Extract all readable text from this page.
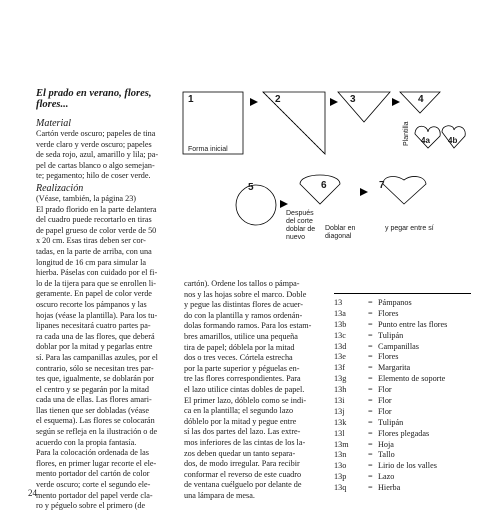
El prado en verano, flores,
flores...
Material
Cartón verde oscuro; papeles de tina
verde claro y verde oscuro; papeles
de seda rojo, azul, amarillo y lila; pa-
pel de cartas blanco o algo semejan-
te; pegamento; hilo de coser verde.
Realización
(Véase, también, la página 23)
El prado florido en la parte delantera
del cuadro puede recortarlo en tiras
de papel grueso de color verde de 50
x 20 cm. Esas tiras deben ser cor-
tadas, en la parte de arriba, con una
longitud de 16 cm para simular la
hierba. Páselas con cuidado por el fi-
lo de la tijera para que se enrollen li-
geramente. En papel de color verde
oscuro recorte los pámpanos y las
hojas (véase la plantilla). Para los tu-
lipanes necesitará cuatro partes pa-
ra cada una de las flores, que deberá
doblar por la mitad y pegarlas entre
sí. Para las campanillas azules, por el
contrario, sólo se necesitan tres par-
tes que, igualmente, se doblarán por
el centro y se pegarán por la mitad
cada una de ellas. Las flores amari-
llas tienen que ser dobladas (véase
el esquema). Las flores se colocarán
según se refleja en la ilustración o de
acuerdo con la propia fantasía.
Para la colocación ordenada de las
flores, en primer lugar recorte el ele-
mento portador del cartón de color
verde oscuro; corte el segundo ele-
mento portador del papel verde cla-
ro y péguelo sobre el primero (de
cartón). Ordene los tallos o pámpa-
nos y las hojas sobre el marco. Doble
y pegue las distintas flores de acuer-
do con la plantilla y ramos ordenán-
dolas formando ramos. Para los estam-
bres amarillos, utilice una pequeña
tira de papel; dóblela por la mitad
dos o tres veces. Córtela estrecha
por la parte superior y péguelas en-
tre las flores correspondientes. Para
el lazo utilice cintas dobles de papel.
El primer lazo, dóblelo como se indi-
ca en la plantilla; el segundo lazo
dóblelo por la mitad y pegue entre
sí las dos partes del lazo. Las extre-
mos inferiores de las cintas de los la-
zos deben quedar un tanto separa-
dos, de modo irregular. Para recibir
conformar el reverso de este cuadro
de ventana cuélguelo por delante de
una lámpara de mesa.
1	2	3	4
4a 4b
5	6	7
Forma inicial
Plantilla
Después
del corte
doblar de
nuevo
Doblar en
diagonal
y pegar entre sí
13	= Pámpanos
13a	= Flores
13b	= Punto entre las flores
13c	= Tulipán
13d	= Campanillas
13e	= Flores
13f	= Margarita
13g	= Elemento de soporte
13h	= Flor
13i	= Flor
13j	= Flor
13k	= Tulipán
13l	= Flores plegadas
13m = Hoja
13n	= Tallo
13o	= Lirio de los valles
13p	= Lazo
13q	= Hierba
24
